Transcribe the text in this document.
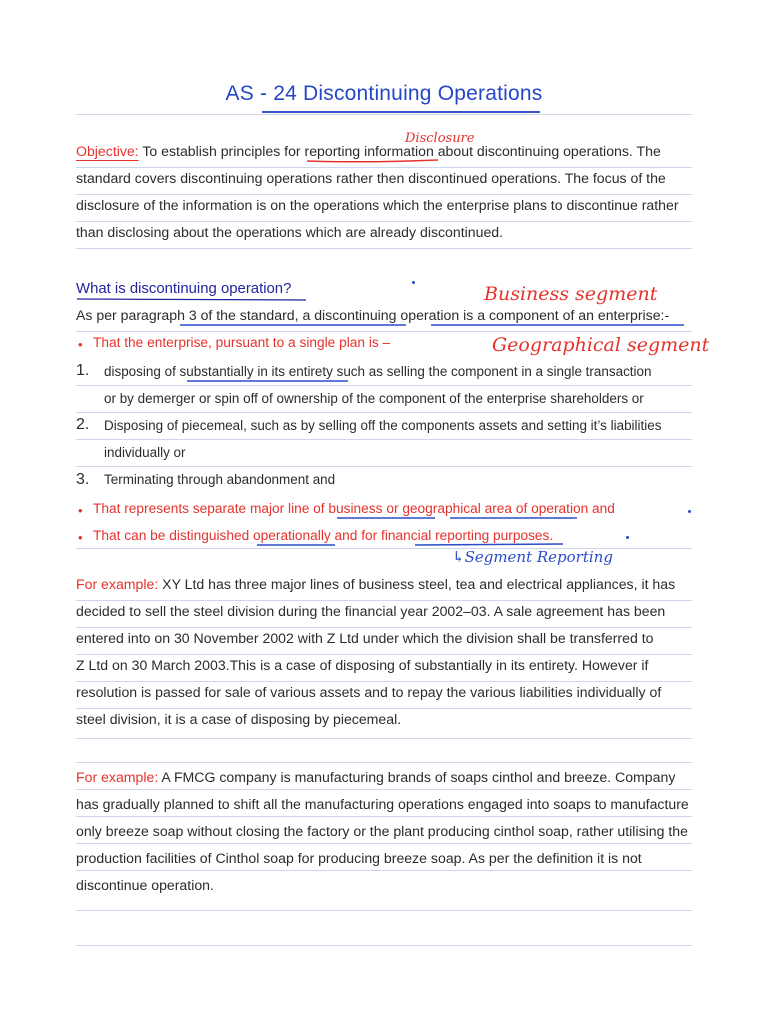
AS - 24 Discontinuing Operations
Objective: To establish principles for reporting information about discontinuing operations. The
Disclosure
standard covers discontinuing operations rather then discontinued operations. The focus of the
disclosure of the information is on the operations which the enterprise plans to discontinue rather
than disclosing about the operations which are already discontinued.
What is discontinuing operation?	Business segment
As per paragraph 3 of the standard, a discontinuing operation is a component of an enterprise:-
• That the enterprise, pursuant to a single plan is –	Geographical segment
1. disposing of substantially in its entirety such as selling the component in a single transaction
or by demerger or spin off of ownership of the component of the enterprise shareholders or
2. Disposing of piecemeal, such as by selling off the components assets and setting it’s liabilities
individually or
3. Terminating through abandonment and
• That represents separate major line of business or geographical area of operation and
• That can be distinguished operationally and for financial reporting purposes.
↳Segment Reporting
For example: XY Ltd has three major lines of business steel, tea and electrical appliances, it has
decided to sell the steel division during the financial year 2002–03. A sale agreement has been
entered into on 30 November 2002 with Z Ltd under which the division shall be transferred to
Z Ltd on 30 March 2003.This is a case of disposing of substantially in its entirety. However if
resolution is passed for sale of various assets and to repay the various liabilities individually of
steel division, it is a case of disposing by piecemeal.
For example: A FMCG company is manufacturing brands of soaps cinthol and breeze. Company
has gradually planned to shift all the manufacturing operations engaged into soaps to manufacture
only breeze soap without closing the factory or the plant producing cinthol soap, rather utilising the
production facilities of Cinthol soap for producing breeze soap. As per the definition it is not
discontinue operation.
